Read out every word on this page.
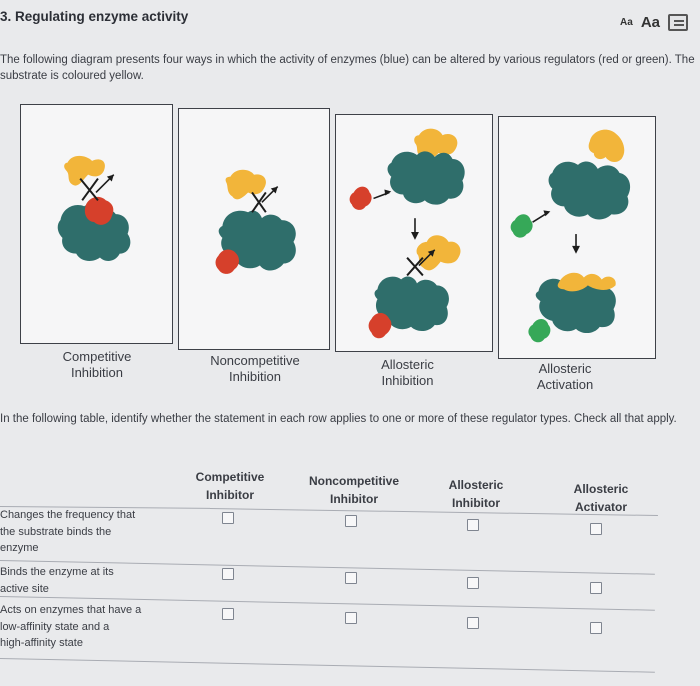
3. Regulating enzyme activity	Aa Aa
The following diagram presents four ways in which the activity of enzymes (blue) can be altered by various regulators (red or green). The substrate is coloured yellow.
Competitive
Inhibition
Noncompetitive
Inhibition
Allosteric
Inhibition
Allosteric
Activation
In the following table, identify whether the statement in each row applies to one or more of these regulator types. Check all that apply.
Competitive
Inhibitor
Noncompetitive
Inhibitor
Allosteric
Inhibitor
Allosteric
Activator
Changes the frequency that
the substrate binds the
enzyme
Binds the enzyme at its
active site
Acts on enzymes that have a
low-affinity state and a
high-affinity state
